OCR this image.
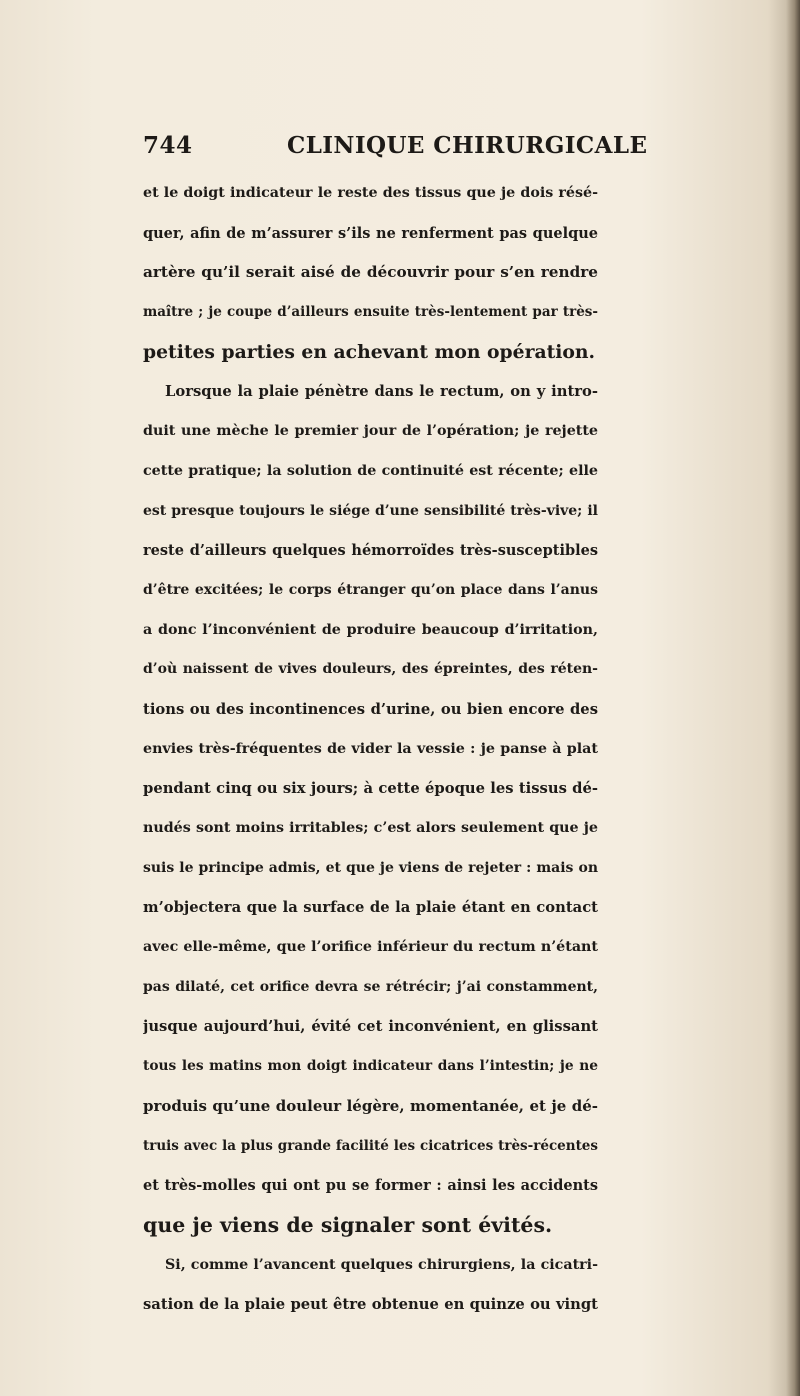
744	CLINIQUE CHIRURGICALE
et le doigt indicateur le reste des tissus que je dois résé-
quer, afin de m’assurer s’ils ne renferment pas quelque
artère qu’il serait aisé de découvrir pour s’en rendre
maître ; je coupe d’ailleurs ensuite très-lentement par très-
petites parties en achevant mon opération.
Lorsque la plaie pénètre dans le rectum, on y intro-
duit une mèche le premier jour de l’opération; je rejette
cette pratique; la solution de continuité est récente; elle
est presque toujours le siége d’une sensibilité très-vive; il
reste d’ailleurs quelques hémorroïdes très-susceptibles
d’être excitées; le corps étranger qu’on place dans l’anus
a donc l’inconvénient de produire beaucoup d’irritation,
d’où naissent de vives douleurs, des épreintes, des réten-
tions ou des incontinences d’urine, ou bien encore des
envies très-fréquentes de vider la vessie : je panse à plat
pendant cinq ou six jours; à cette époque les tissus dé-
nudés sont moins irritables; c’est alors seulement que je
suis le principe admis, et que je viens de rejeter : mais on
m’objectera que la surface de la plaie étant en contact
avec elle-même, que l’orifice inférieur du rectum n’étant
pas dilaté, cet orifice devra se rétrécir; j’ai constamment,
jusque aujourd’hui, évité cet inconvénient, en glissant
tous les matins mon doigt indicateur dans l’intestin; je ne
produis qu’une douleur légère, momentanée, et je dé-
truis avec la plus grande facilité les cicatrices très-récentes
et très-molles qui ont pu se former : ainsi les accidents
que je viens de signaler sont évités.
Si, comme l’avancent quelques chirurgiens, la cicatri-
sation de la plaie peut être obtenue en quinze ou vingt
